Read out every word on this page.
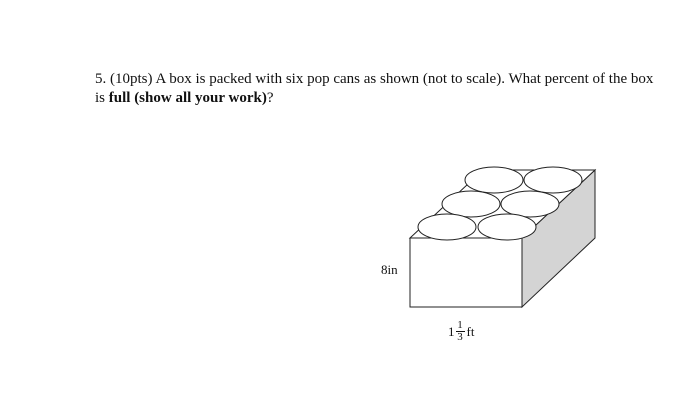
5. (10pts) A box is packed with six pop cans as shown (not to scale). What percent of the box is full (show all your work)?
8in
$1 \frac{1}{3}$ ft
